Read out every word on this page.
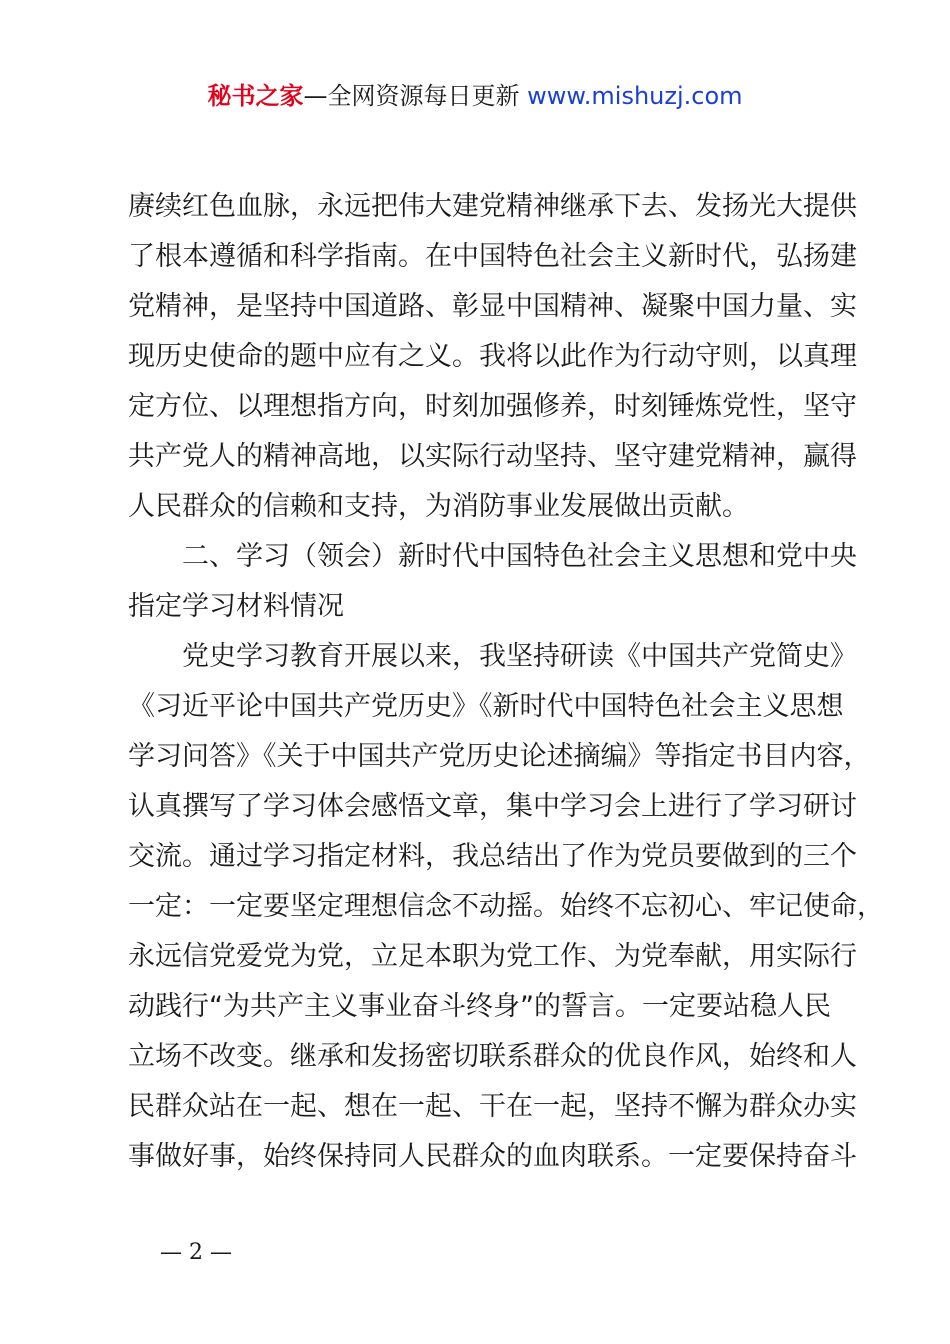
秘书之家—全网资源每日更新 www.mishuzj.com
赓续红色血脉，永远把伟大建党精神继承下去、发扬光大提供
了根本遵循和科学指南。在中国特色社会主义新时代，弘扬建
党精神，是坚持中国道路、彰显中国精神、凝聚中国力量、实
现历史使命的题中应有之义。我将以此作为行动守则，以真理
定方位、以理想指方向，时刻加强修养，时刻锤炼党性，坚守
共产党人的精神高地，以实际行动坚持、坚守建党精神，赢得
人民群众的信赖和支持，为消防事业发展做出贡献。
　　二、学习（领会）新时代中国特色社会主义思想和党中央
指定学习材料情况
　　党史学习教育开展以来，我坚持研读《中国共产党简史》
《习近平论中国共产党历史》《新时代中国特色社会主义思想
学习问答》《关于中国共产党历史论述摘编》等指定书目内容，
认真撰写了学习体会感悟文章，集中学习会上进行了学习研讨
交流。通过学习指定材料，我总结出了作为党员要做到的三个
一定：一定要坚定理想信念不动摇。始终不忘初心、牢记使命，
永远信党爱党为党，立足本职为党工作、为党奉献，用实际行
动践行“为共产主义事业奋斗终身”的誓言。一定要站稳人民
立场不改变。继承和发扬密切联系群众的优良作风，始终和人
民群众站在一起、想在一起、干在一起，坚持不懈为群众办实
事做好事，始终保持同人民群众的血肉联系。一定要保持奋斗
— 2 —
